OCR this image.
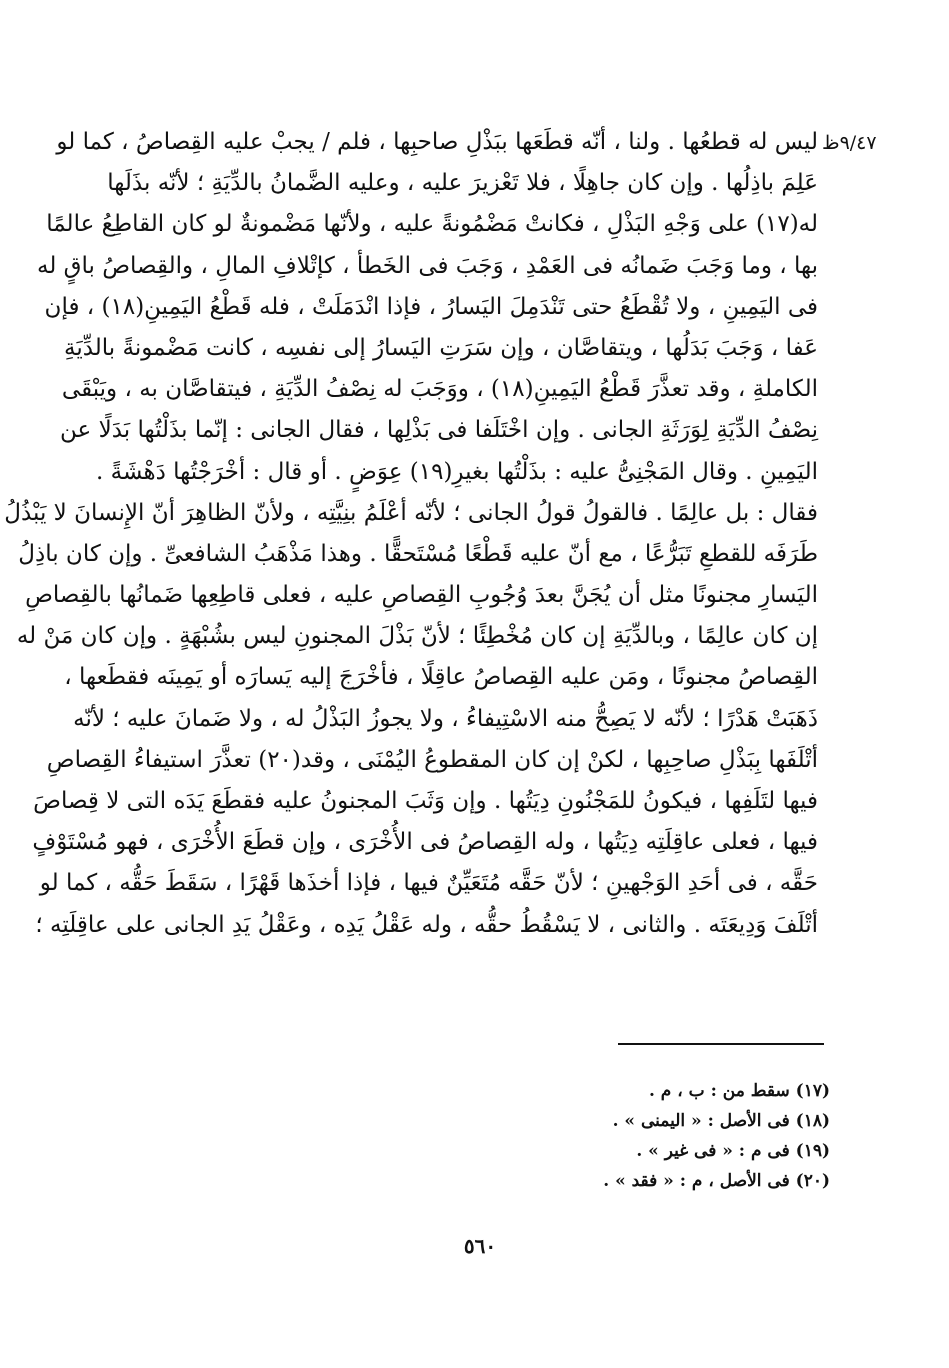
٩/٤٧ظ
ليس له قطعُها . ولنا ، أنّه قطَعَها ببَذْلِ صاحبِها ، فلم / يجبْ عليه القِصاصُ ، كما لو
عَلِمَ باذِلُها . وإن كان جاهِلًا ، فلا تَعْزيرَ عليه ، وعليه الضَّمانُ بالدِّيَةِ ؛ لأنّه بذَلَها
له(١٧) على وَجْهِ البَذْلِ ، فكانتْ مَضْمُونةً عليه ، ولأنّها مَضْمونةٌ لو كان القاطِعُ عالمًا
بها ، وما وَجَبَ ضَمانُه فى العَمْدِ ، وَجَبَ فى الخَطأ ، كإتْلافِ المالِ ، والقِصاصُ باقٍ له
فى اليَمِينِ ، ولا تُقْطَعُ حتى تَنْدَمِلَ اليَسارُ ، فإذا انْدَمَلَتْ ، فله قَطْعُ اليَمِينِ(١٨) ، فإن
عَفا ، وَجَبَ بَدَلُها ، ويتقاصَّان ، وإن سَرَتِ اليَسارُ إلى نفسِه ، كانت مَضْمونةً بالدِّيَةِ
الكاملةِ ، وقد تعذَّرَ قَطْعُ اليَمِينِ(١٨) ، ووَجَبَ له نِصْفُ الدِّيَةِ ، فيتقاصَّان به ، ويَبْقَى
نِصْفُ الدِّيَةِ لِوَرَثَةِ الجانى . وإن اخْتَلَفا فى بَذْلِها ، فقال الجانى : إنّما بذَلْتُها بَدَلًا عن
اليَمِينِ . وقال المَجْنِىُّ عليه : بذَلْتُها بغيرِ(١٩) عِوَضٍ . أو قال : أخْرَجْتُها دَهْشَةً .
فقال : بل عالِمًا . فالقولُ قولُ الجانى ؛ لأنّه أعْلَمُ بنِيَّتِه ، ولأنّ الظاهِرَ أنّ الإِنسانَ لا يَبْذُلُ
طَرَفَه للقطعِ تَبَرُّعًا ، مع أنّ عليه قَطْعًا مُسْتَحقًّا . وهذا مَذْهَبُ الشافعىِّ . وإن كان باذِلُ
اليَسارِ مجنونًا مثل أن يُجَنَّ بعدَ وُجُوبِ القِصاصِ عليه ، فعلى قاطِعِها ضَمانُها بالقِصاصِ
إن كان عالِمًا ، وبالدِّيَةِ إن كان مُخْطِئًا ؛ لأنّ بَذْلَ المجنونِ ليس بشُبْهَةٍ . وإن كان مَنْ له
القِصاصُ مجنونًا ، ومَن عليه القِصاصُ عاقِلًا ، فأخْرَجَ إليه يَسارَه أو يَمِينَه فقطَعها ،
ذَهَبَتْ هَدْرًا ؛ لأنّه لا يَصِحُّ منه الاسْتِيفاءُ ، ولا يجوزُ البَذْلُ له ، ولا ضَمانَ عليه ؛ لأنّه
أتْلَفَها بِبَذْلِ صاحِبِها ، لكنْ إن كان المقطوعُ اليُمْنَى ، وقد(٢٠) تعذَّرَ استيفاءُ القِصاصِ
فيها لتَلَفِها ، فيكونُ للمَجْنُونِ دِيَتُها . وإن وَثَبَ المجنونُ عليه فقطَعَ يَدَه التى لا قِصاصَ
فيها ، فعلى عاقِلَتِه دِيَتُها ، وله القِصاصُ فى الأُخْرَى ، وإن قطَعَ الأُخْرَى ، فهو مُسْتَوْفٍ
حَقَّه ، فى أحَدِ الوَجْهينِ ؛ لأنّ حَقَّه مُتَعَيِّنٌ فيها ، فإذا أخذَها قَهْرًا ، سَقَطَ حَقُّه ، كما لو
أتْلَفَ وَدِيعَتَه . والثانى ، لا يَسْقُطُ حقُّه ، وله عَقْلُ يَدِه ، وعَقْلُ يَدِ الجانى على عاقِلَتِه ؛
(١٧) سقط من : ب ، م .
(١٨) فى الأصل : « اليمنى » .
(١٩) فى م : « فى غير » .
(٢٠) فى الأصل ، م : « فقد » .
٥٦٠
